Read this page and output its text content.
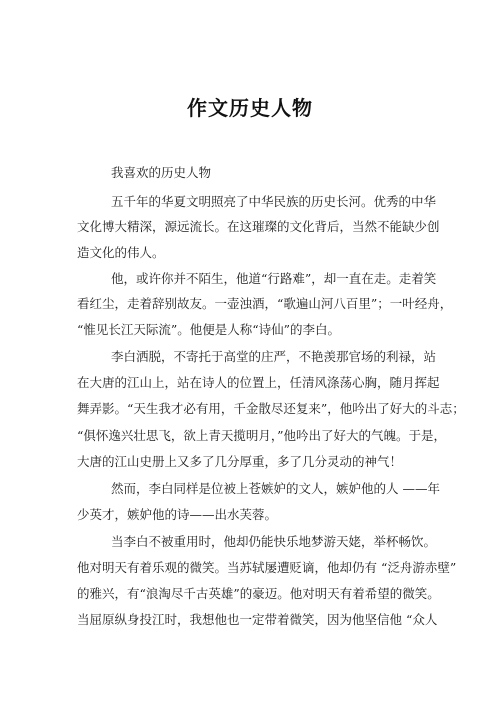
作文历史人物
我喜欢的历史人物
五千年的华夏文明照亮了中华民族的历史长河。优秀的中华
文化博大精深，源远流长。在这璀璨的文化背后，当然不能缺少创
造文化的伟人。
他，或许你并不陌生，他道“行路难”，却一直在走。走着笑
看红尘，走着辞别故友。一壶浊酒，“歌遍山河八百里”；一叶经舟，
“惟见长江天际流”。他便是人称“诗仙”的李白。
李白洒脱，不寄托于高堂的庄严，不艳羡那官场的利禄，站
在大唐的江山上，站在诗人的位置上，任清风涤荡心胸，随月挥起
舞弄影。“天生我才必有用，千金散尽还复来”，他吟出了好大的斗志；
“俱怀逸兴壮思飞，欲上青天揽明月，”他吟出了好大的气魄。于是，
大唐的江山史册上又多了几分厚重，多了几分灵动的神气！
然而，李白同样是位被上苍嫉妒的文人，嫉妒他的人 ——年
少英才，嫉妒他的诗——出水芙蓉。
当李白不被重用时，他却仍能快乐地梦游天姥，举杯畅饮。
他对明天有着乐观的微笑。当苏轼屡遭贬谪，他却仍有 “泛舟游赤壁”
的雅兴，有“浪淘尽千古英雄”的豪迈。他对明天有着希望的微笑。
当屈原纵身投江时，我想他也一定带着微笑，因为他坚信他 “众人
